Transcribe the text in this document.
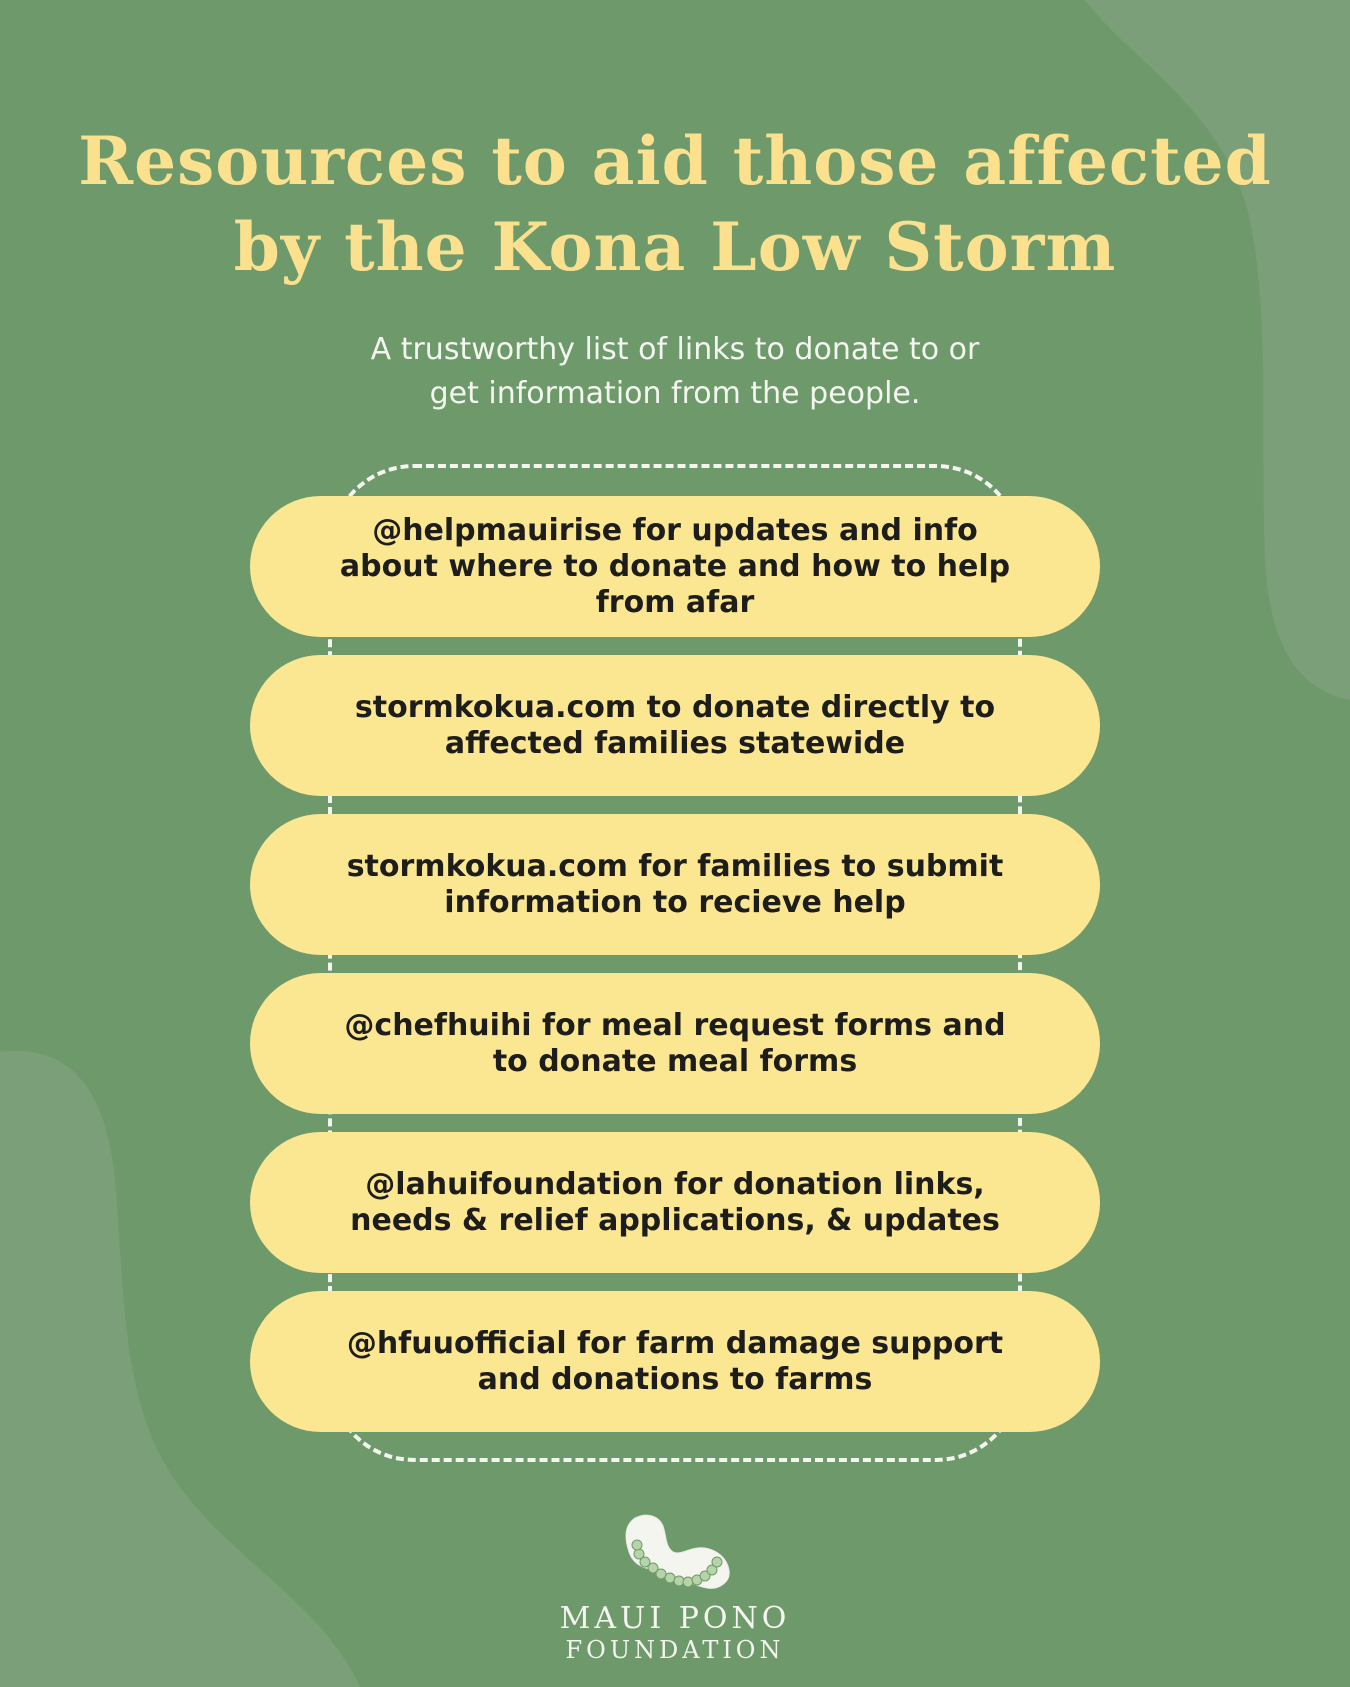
Resources to aid those affected
by the Kona Low Storm
A trustworthy list of links to donate to or
get information from the people.
@helpmauirise for updates and info
about where to donate and how to help
from afar
stormkokua.com to donate directly to
affected families statewide
stormkokua.com for families to submit
information to recieve help
@chefhuihi for meal request forms and
to donate meal forms
@lahuifoundation for donation links,
needs & relief applications, & updates
@hfuuofficial for farm damage support
and donations to farms
MAUI PONO
FOUNDATION
